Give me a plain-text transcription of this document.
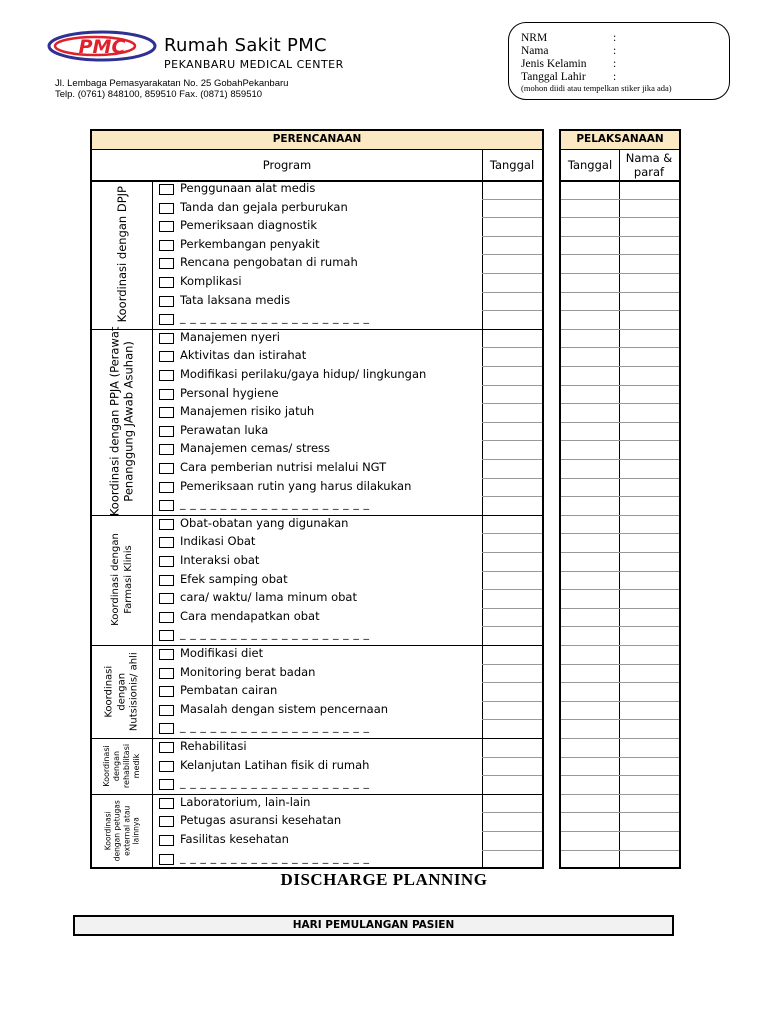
PMC Rumah Sakit PMC
PEKANBARU MEDICAL CENTER
Jl. Lembaga Pemasyarakatan No. 25 GobahPekanbaru
Telp. (0761) 848100, 859510 Fax. (0871) 859510
NRM	:
Nama	:
Jenis Kelamin :
Tanggal Lahir :
(mohon diidi atau tempelkan stiker jika ada)
PERENCANAAN
Program	Tanggal
Penggunaan alat medis
Tanda dan gejala perburukan
Pemeriksaan diagnostik
Perkembangan penyakit
Rencana pengobatan di rumah
Komplikasi
Tata laksana medis
_ _ _ _ _ _ _ _ _ _ _ _ _ _ _ _ _ _ _
Koordinasi dengan DPJP
Manajemen nyeri
Aktivitas dan istirahat
Modifikasi perilaku/gaya hidup/ lingkungan
Personal hygiene
Manajemen risiko jatuh
Perawatan luka
Manajemen cemas/ stress
Cara pemberian nutrisi melalui NGT
Pemeriksaan rutin yang harus dilakukan
_ _ _ _ _ _ _ _ _ _ _ _ _ _ _ _ _ _ _
Koordinasi dengan PPJA (Perawat Penanggung JAwab Asuhan)
Obat-obatan yang digunakan
Indikasi Obat
Interaksi obat
Efek samping obat
cara/ waktu/ lama minum obat
Cara mendapatkan obat
_ _ _ _ _ _ _ _ _ _ _ _ _ _ _ _ _ _ _
Koordinasi dengan Farmasi Klinis
Modifikasi diet
Monitoring berat badan
Pembatan cairan
Masalah dengan sistem pencernaan
_ _ _ _ _ _ _ _ _ _ _ _ _ _ _ _ _ _ _
Koordinasi dengan Nutsisionis/ ahli
Rehabilitasi
Kelanjutan Latihan fisik di rumah
_ _ _ _ _ _ _ _ _ _ _ _ _ _ _ _ _ _ _
Koordinasi dengan rehabilitasi medik
Laboratorium, lain-lain
Petugas asuransi kesehatan
Fasilitas kesehatan
_ _ _ _ _ _ _ _ _ _ _ _ _ _ _ _ _ _ _
Koordinasi dengan petugas external atau lainnya
PELAKSANAAN
Tanggal	Nama &
paraf
DISCHARGE PLANNING
HARI PEMULANGAN PASIEN
